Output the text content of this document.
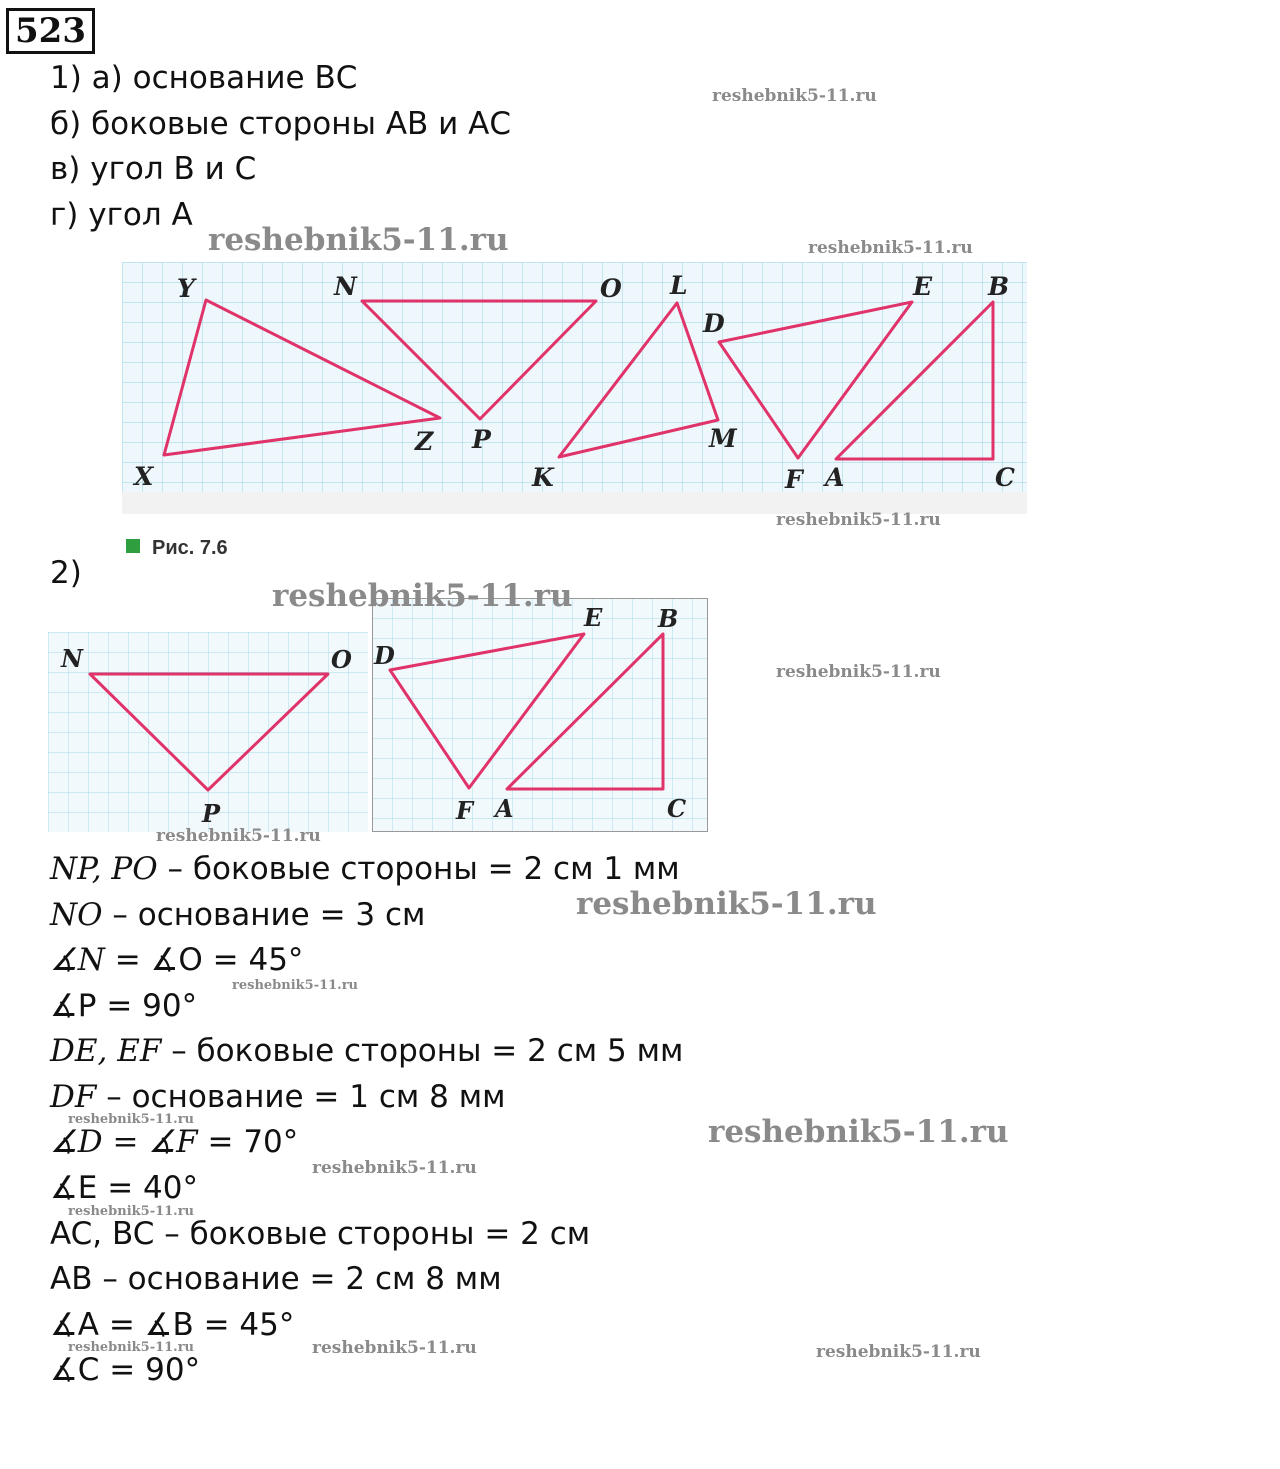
523
1) а) основание ВС
б) боковые стороны АВ и АС
в) угол В и С
г) угол А
Y	N	O L
D
E B
X
Z P
K
M
F A	C
Рис. 7.6
2)
N	O
P
D
E B
F A	C
NP, PO – боковые стороны = 2 см 1 мм
NO – основание = 3 см
∡N = ∡O = 45°
∡P = 90°
DE, EF – боковые стороны = 2 см 5 мм
DF – основание = 1 см 8 мм
∡D = ∡F = 70°
∡E = 40°
AC, BC – боковые стороны = 2 см
AB – основание = 2 см 8 мм
∡A = ∡B = 45°
∡C = 90°
reshebnik5-11.ru
reshebnik5-11.ru	reshebnik5-11.ru
reshebnik5-11.ru
reshebnik5-11.ru
reshebnik5-11.ru
reshebnik5-11.ru
reshebnik5-11.ru
reshebnik5-11.ru
reshebnik5-11.ru	reshebnik5-11.ru
reshebnik5-11.ru
reshebnik5-11.ru
reshebnik5-11.ru
reshebnik5-11.ru	reshebnik5-11.ru
